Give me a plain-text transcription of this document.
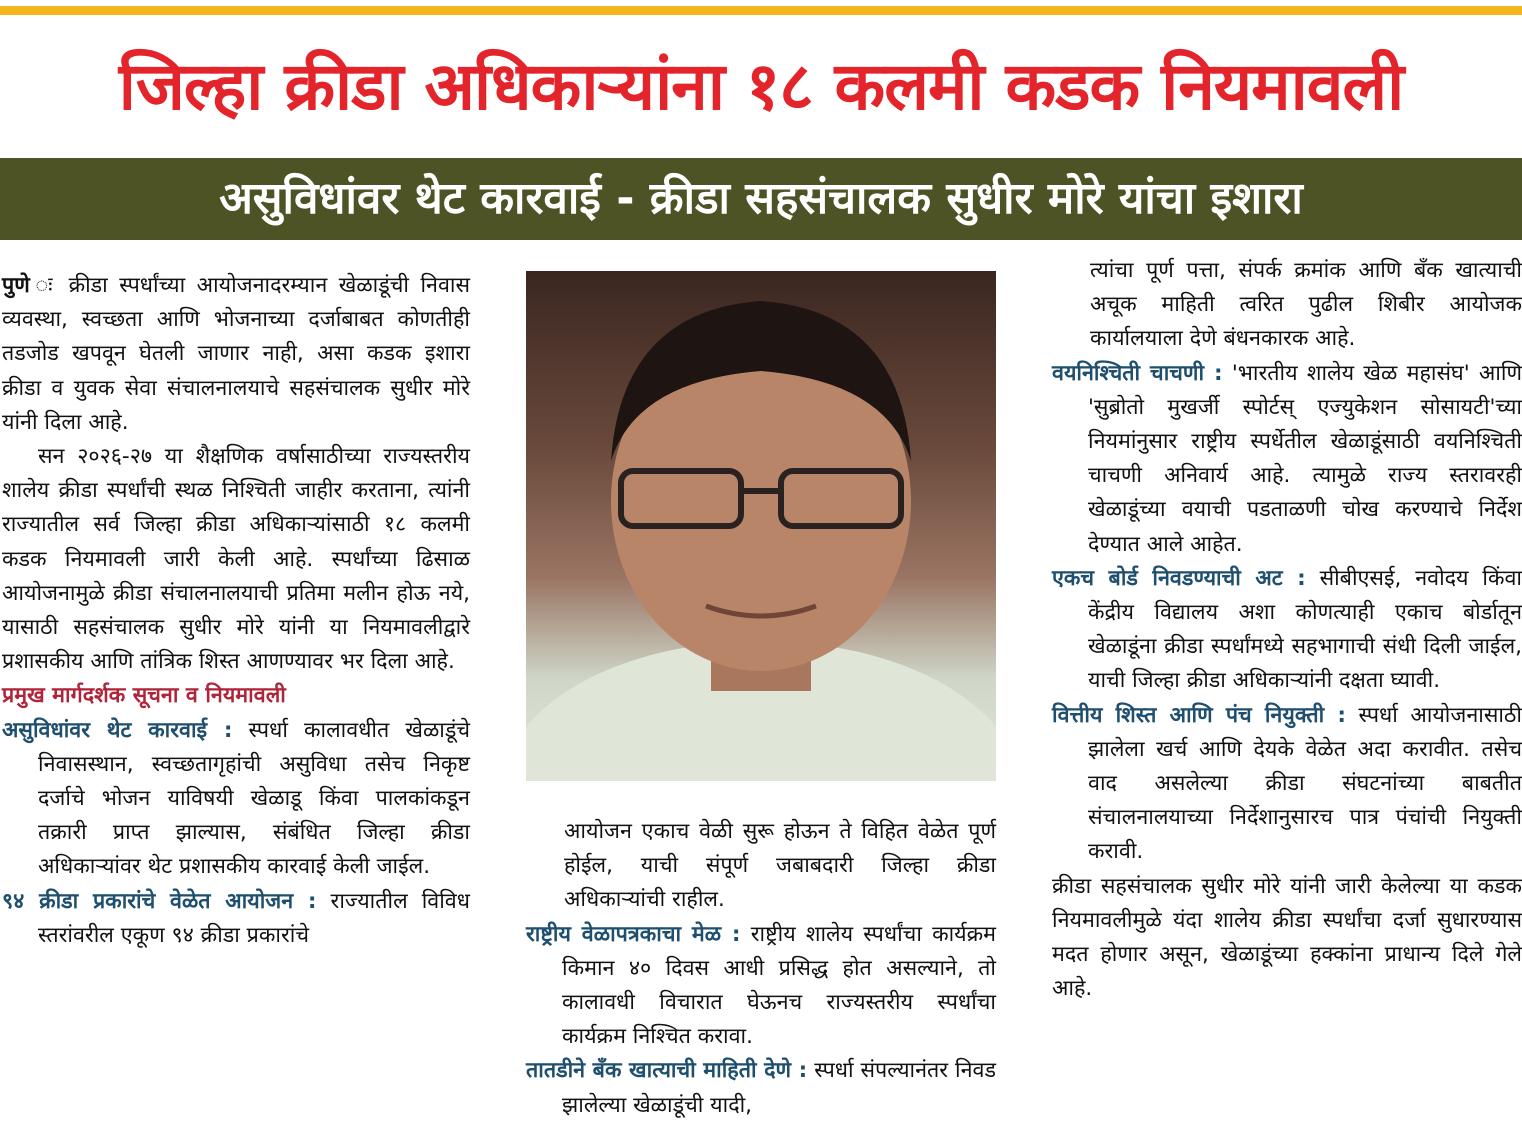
जिल्हा क्रीडा अधिकाऱ्यांना १८ कलमी कडक नियमावली
असुविधांवर थेट कारवाई - क्रीडा सहसंचालक सुधीर मोरे यांचा इशारा

पुणे ः क्रीडा स्पर्धांच्या आयोजनादरम्यान खेळाडूंची निवास व्यवस्था, स्वच्छता आणि भोजनाच्या दर्जाबाबत कोणतीही तडजोड खपवून घेतली जाणार नाही, असा कडक इशारा क्रीडा व युवक सेवा संचालनालयाचे सहसंचालक सुधीर मोरे यांनी दिला आहे.

सन २०२६-२७ या शैक्षणिक वर्षासाठीच्या राज्यस्तरीय शालेय क्रीडा स्पर्धांची स्थळ निश्चिती जाहीर करताना, त्यांनी राज्यातील सर्व जिल्हा क्रीडा अधिकाऱ्यांसाठी १८ कलमी कडक नियमावली जारी केली आहे. स्पर्धांच्या ढिसाळ आयोजनामुळे क्रीडा संचालनालयाची प्रतिमा मलीन होऊ नये, यासाठी सहसंचालक सुधीर मोरे यांनी या नियमावलीद्वारे प्रशासकीय आणि तांत्रिक शिस्त आणण्यावर भर दिला आहे.

प्रमुख मार्गदर्शक सूचना व नियमावली

असुविधांवर थेट कारवाई : स्पर्धा कालावधीत खेळाडूंचे निवासस्थान, स्वच्छतागृहांची असुविधा तसेच निकृष्ट दर्जाचे भोजन याविषयी खेळाडू किंवा पालकांकडून तक्रारी प्राप्त झाल्यास, संबंधित जिल्हा क्रीडा अधिकाऱ्यांवर थेट प्रशासकीय कारवाई केली जाईल.

९४ क्रीडा प्रकारांचे वेळेत आयोजन : राज्यातील विविध स्तरांवरील एकूण ९४ क्रीडा प्रकारांचे

आयोजन एकाच वेळी सुरू होऊन ते विहित वेळेत पूर्ण होईल, याची संपूर्ण जबाबदारी जिल्हा क्रीडा अधिकाऱ्यांची राहील.

राष्ट्रीय वेळापत्रकाचा मेळ : राष्ट्रीय शालेय स्पर्धांचा कार्यक्रम किमान ४० दिवस आधी प्रसिद्ध होत असल्याने, तो कालावधी विचारात घेऊनच राज्यस्तरीय स्पर्धांचा कार्यक्रम निश्चित करावा.

तातडीने बँक खात्याची माहिती देणे : स्पर्धा संपल्यानंतर निवड झालेल्या खेळाडूंची यादी,

त्यांचा पूर्ण पत्ता, संपर्क क्रमांक आणि बँक खात्याची अचूक माहिती त्वरित पुढील शिबीर आयोजक कार्यालयाला देणे बंधनकारक आहे.

वयनिश्चिती चाचणी : 'भारतीय शालेय खेळ महासंघ' आणि 'सुब्रोतो मुखर्जी स्पोर्टस् एज्युकेशन सोसायटी'च्या नियमांनुसार राष्ट्रीय स्पर्धेतील खेळाडूंसाठी वयनिश्चिती चाचणी अनिवार्य आहे. त्यामुळे राज्य स्तरावरही खेळाडूंच्या वयाची पडताळणी चोख करण्याचे निर्देश देण्यात आले आहेत.

एकच बोर्ड निवडण्याची अट : सीबीएसई, नवोदय किंवा केंद्रीय विद्यालय अशा कोणत्याही एकाच बोर्डातून खेळाडूंना क्रीडा स्पर्धांमध्ये सहभागाची संधी दिली जाईल, याची जिल्हा क्रीडा अधिकाऱ्यांनी दक्षता घ्यावी.

वित्तीय शिस्त आणि पंच नियुक्ती : स्पर्धा आयोजनासाठी झालेला खर्च आणि देयके वेळेत अदा करावीत. तसेच वाद असलेल्या क्रीडा संघटनांच्या बाबतीत संचालनालयाच्या निर्देशानुसारच पात्र पंचांची नियुक्ती करावी.

क्रीडा सहसंचालक सुधीर मोरे यांनी जारी केलेल्या या कडक नियमावलीमुळे यंदा शालेय क्रीडा स्पर्धांचा दर्जा सुधारण्यास मदत होणार असून, खेळाडूंच्या हक्कांना प्राधान्य दिले गेले आहे.
